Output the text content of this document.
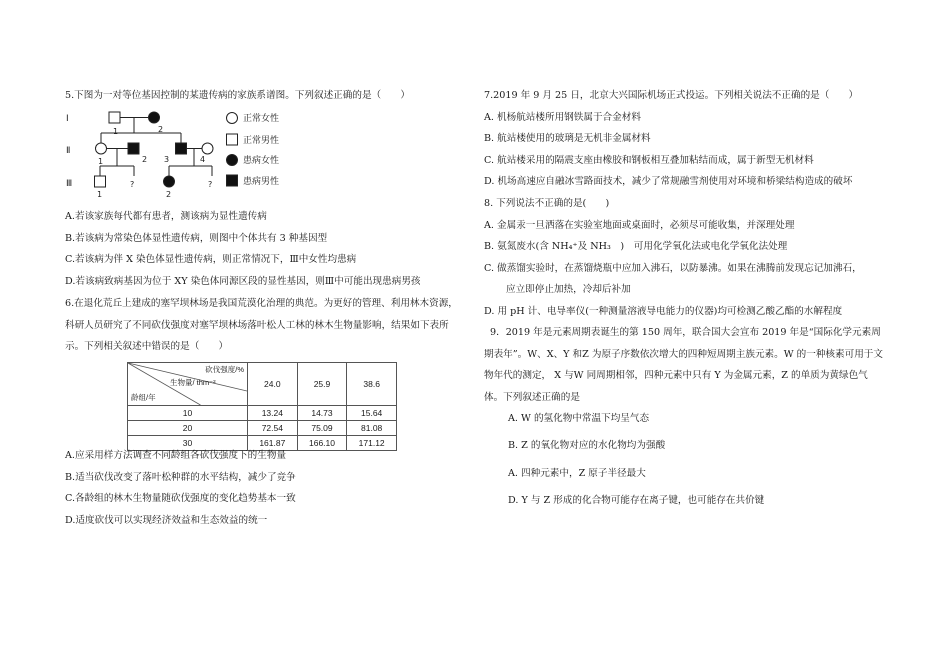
5.下图为一对等位基因控制的某遗传病的家族系谱图。下列叙述正确的是（　　）
Ⅰ
Ⅱ
Ⅲ
1	2
1	2 3	4
1
?
2
?
正常女性
正常男性
患病女性
患病男性
A.若该家族每代都有患者，测该病为显性遗传病
B.若该病为常染色体显性遗传病，则图中个体共有 3 种基因型
C.若该病为伴 X 染色体显性遗传病，则正常情况下，Ⅲ中女性均患病
D.若该病致病基因为位于 XY 染色体同源区段的显性基因，则Ⅲ中可能出现患病男孩
6.在退化荒丘上建成的塞罕坝林场是我国荒漠化治理的典范。为更好的管理、利用林木资源，
科研人员研究了不同砍伐强度对塞罕坝林场落叶松人工林的林木生物量影响，结果如下表所
示。下列相关叙述中错误的是（　　）
砍伐强度/%
生物量/ thm⁻²
龄组/年	24.0	25.9	38.6
10	13.24	14.73	15.64
20	72.54	75.09	81.08
30	161.87	166.10	171.12
A.应采用样方法调查不同龄组各砍伐强度下的生物量
B.适当砍伐改变了落叶松种群的水平结构，减少了竞争
C.各龄组的林木生物量随砍伐强度的变化趋势基本一致
D.适度砍伐可以实现经济效益和生态效益的统一
7.2019 年 9 月 25 日，北京大兴国际机场正式投运。下列相关说法不正确的是（　　）
A. 机杨航站楼所用钢铁属于合金材料
B. 航站楼使用的玻璃是无机非金属材料
C. 航站楼采用的隔震支座由橡胶和钢板相互叠加粘结而成，属于新型无机材料
D. 机场高速应自融冰雪路面技术，减少了常规融雪剂使用对环境和桥梁结构造成的破坏
8. 下列说法不正确的是(　　)
A. 金属汞一旦洒落在实验室地面或桌面时，必须尽可能收集，并深理处理
B. 氨氮废水(含 NH₄⁺及 NH₃　)　可用化学氧化法或电化学氧化法处理
C. 做蒸馏实验时，在蒸馏烧瓶中应加入沸石，以防暴沸。如果在沸腾前发现忘记加沸石，
应立即停止加热，冷却后补加
D. 用 pH 计、电导率仪(一种测量溶液导电能力的仪器)均可检测乙酸乙酯的水解程度
9．2019 年是元素周期表诞生的第 150 周年，联合国大会宣布 2019 年是“国际化学元素周
期表年”。W、X、Y 和Z 为原子序数依次增大的四种短周期主族元素。W 的一种核素可用于文
物年代的测定， X 与W 同周期相邻，四种元素中只有 Y 为金属元素，Z 的单质为黄绿色气
体。下列叙述正确的是
A. W 的氢化物中常温下均呈气态
B. Z 的氧化物对应的水化物均为强酸
A. 四种元素中，Z 原子半径最大
D. Y 与 Z 形成的化合物可能存在离子键，也可能存在共价键
